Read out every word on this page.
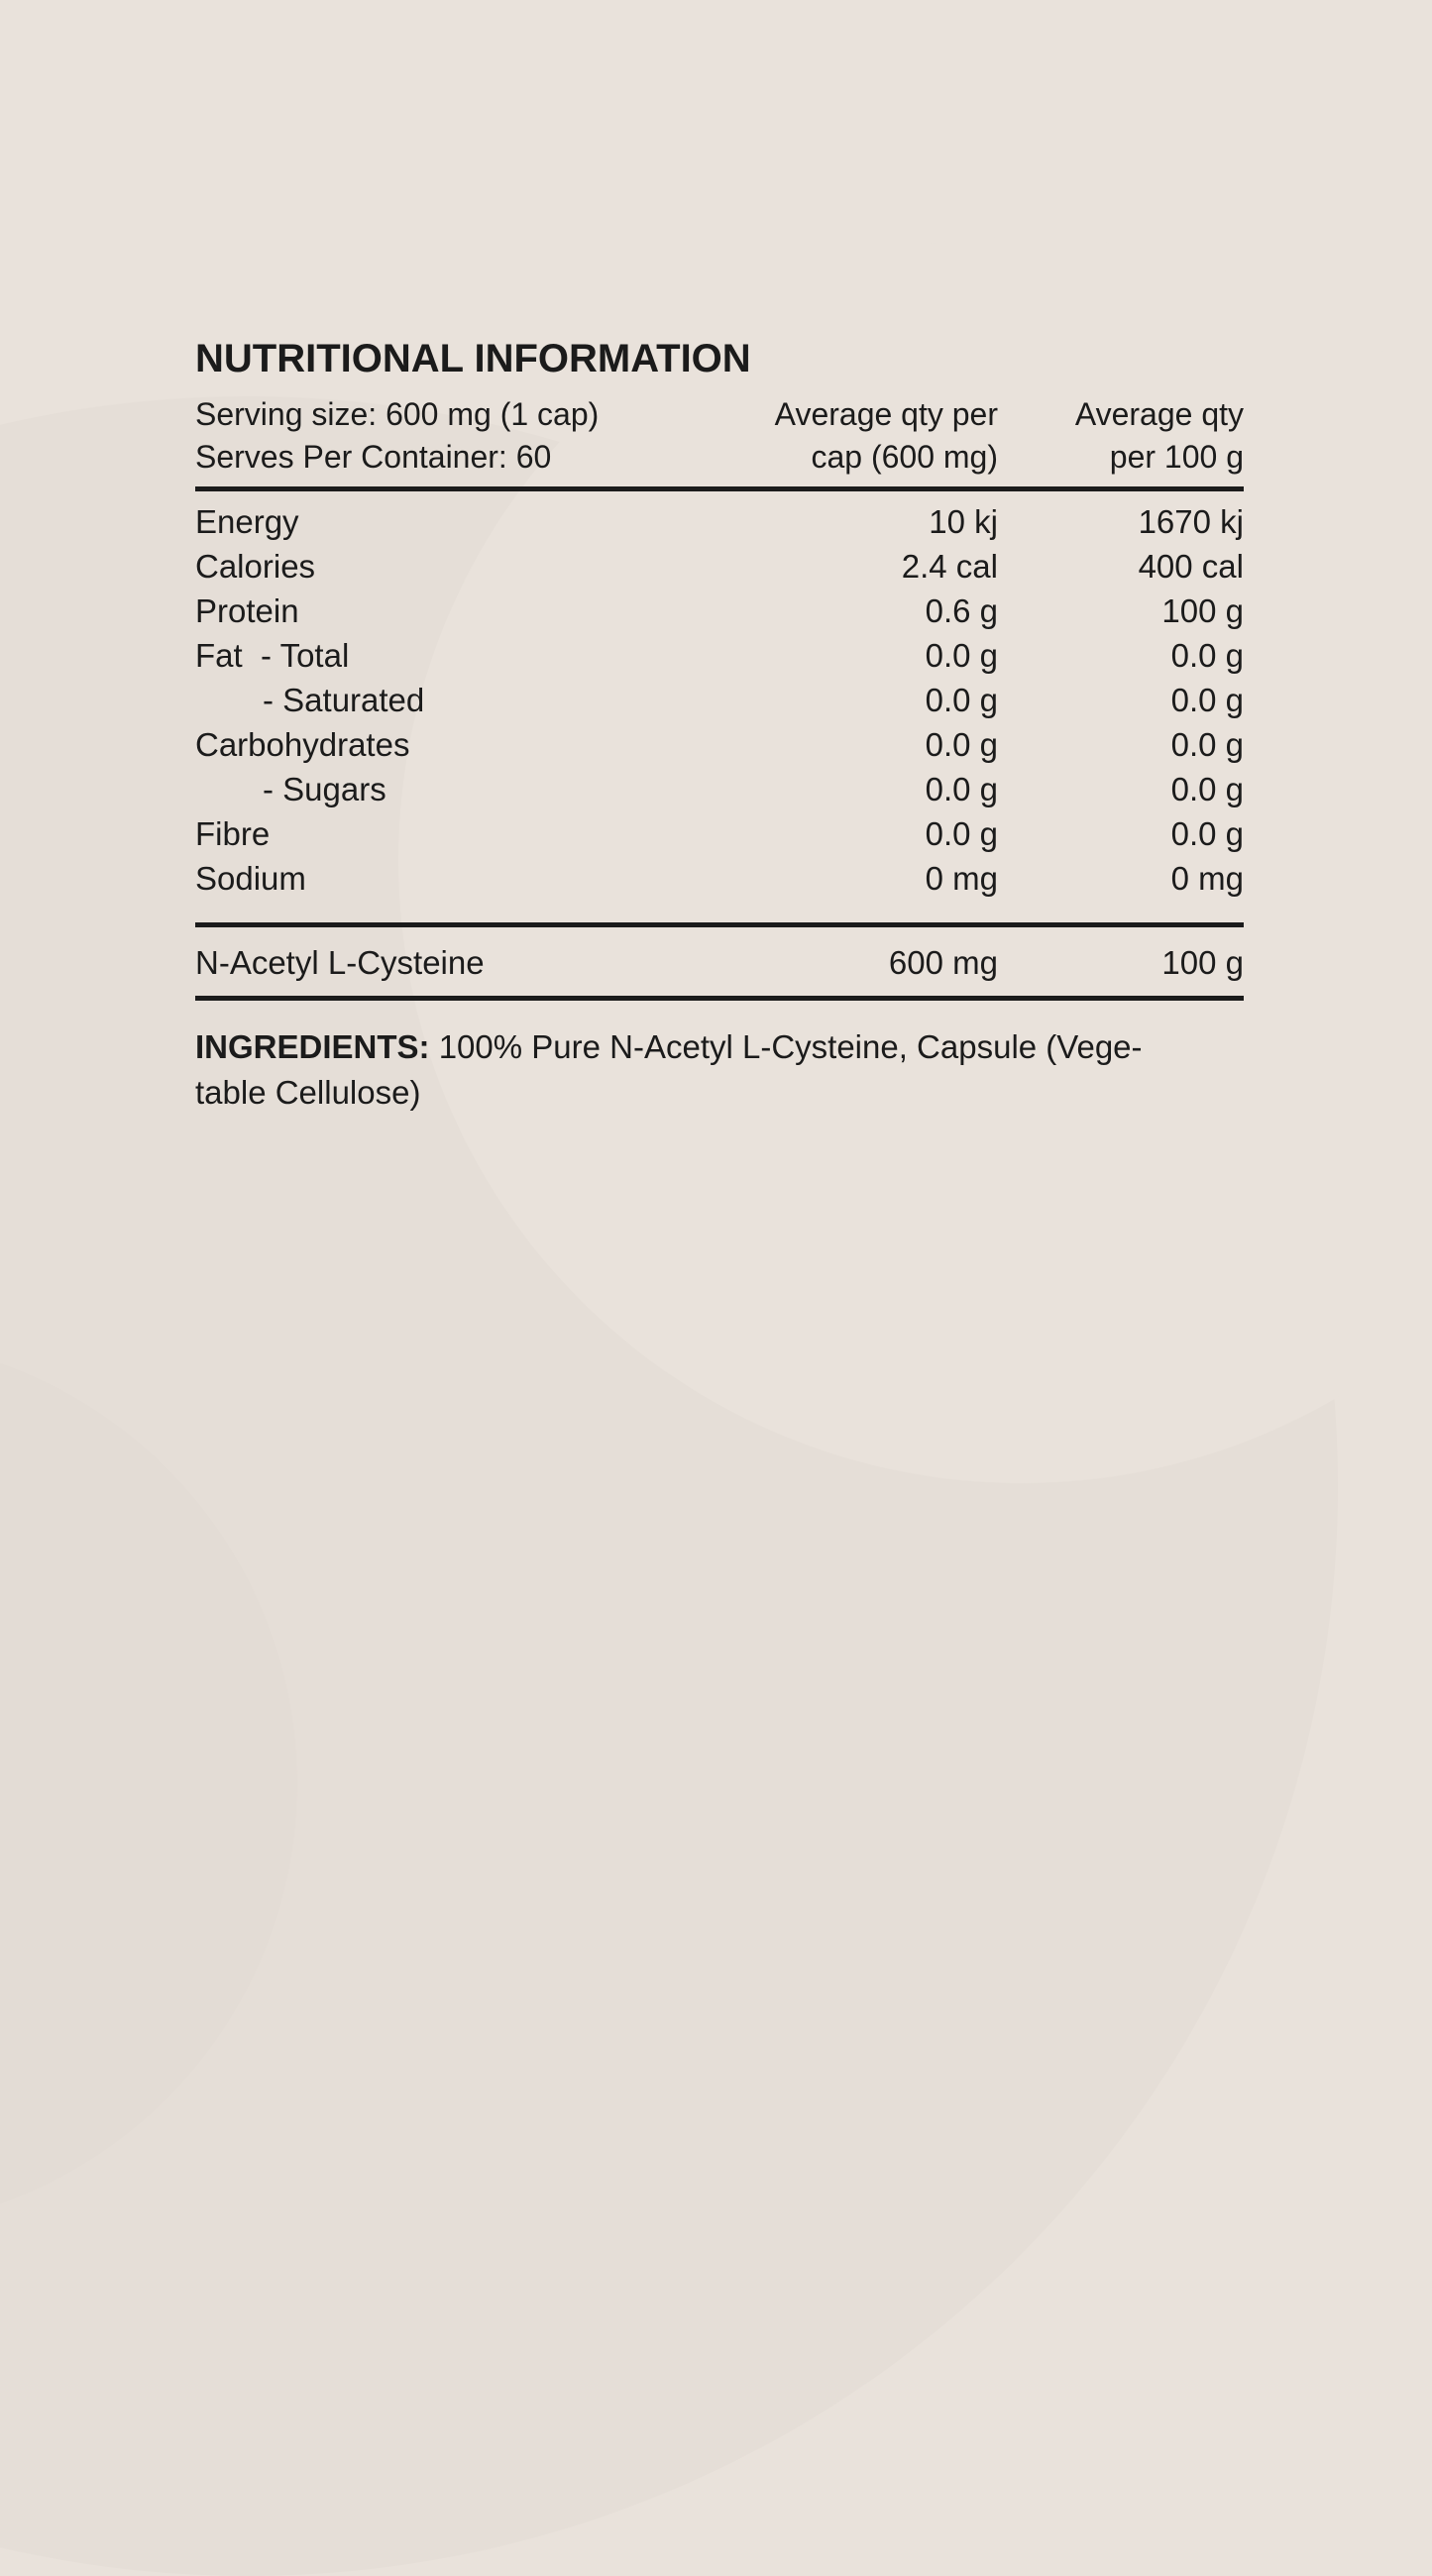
NUTRITIONAL INFORMATION
Serving size: 600 mg (1 cap)
Serves Per Container: 60
Average qty per
cap (600 mg)
Average qty
per 100 g
Energy	10 kj	1670 kj
Calories	2.4 cal	400 cal
Protein	0.6 g	100 g
Fat  - Total	0.0 g	0.0 g
- Saturated	0.0 g	0.0 g
Carbohydrates	0.0 g	0.0 g
- Sugars	0.0 g	0.0 g
Fibre	0.0 g	0.0 g
Sodium	0 mg	0 mg
N-Acetyl L-Cysteine	600 mg	100 g

INGREDIENTS: 100% Pure N-Acetyl L-Cysteine, Capsule (Vege-
table Cellulose)
